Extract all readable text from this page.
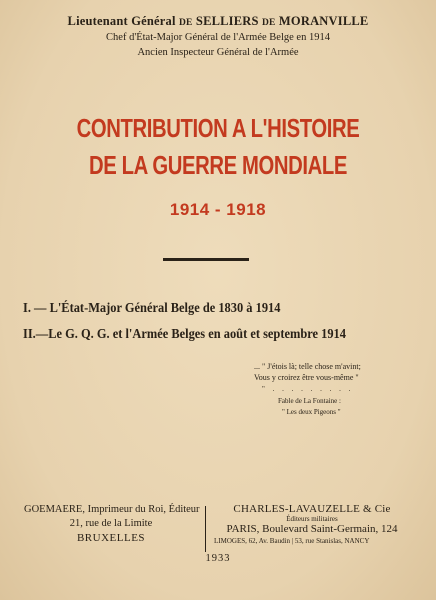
Lieutenant Général DE SELLIERS DE MORANVILLE
Chef d'État-Major Général de l'Armée Belge en 1914
Ancien Inspecteur Général de l'Armée
CONTRIBUTION A L'HISTOIRE
DE LA GUERRE MONDIALE
1914 - 1918
I. — L'État-Major Général Belge de 1830 à 1914
II.—Le G. Q. G. et l'Armée Belges en août et septembre 1914
... " J'étois là; telle chose m'avint;
Vous y croirez être vous-même "
" . . . . . . . . .
Fable de La Fontaine :
" Les deux Pigeons "
GOEMAERE, Imprimeur du Roi, Éditeur
21, rue de la Limite
BRUXELLES
CHARLES-LAVAUZELLE & Cie
Éditeurs militaires
PARIS, Boulevard Saint-Germain, 124
LIMOGES, 62, Av. Baudin | 53, rue Stanislas, NANCY
1933
